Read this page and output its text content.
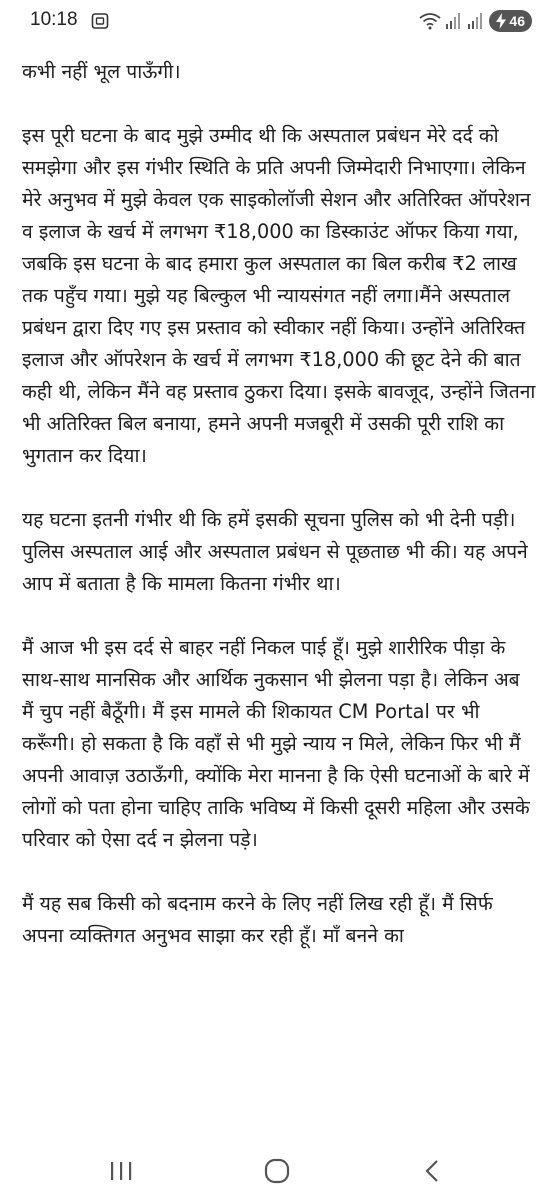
10:18	46

कभी नहीं भूल पाऊँगी।

इस पूरी घटना के बाद मुझे उम्मीद थी कि अस्पताल प्रबंधन मेरे दर्द को समझेगा और इस गंभीर स्थिति के प्रति अपनी जिम्मेदारी निभाएगा। लेकिन मेरे अनुभव में मुझे केवल एक साइकोलॉजी सेशन और अतिरिक्त ऑपरेशन व इलाज के खर्च में लगभग ₹18,000 का डिस्काउंट ऑफर किया गया, जबकि इस घटना के बाद हमारा कुल अस्पताल का बिल करीब ₹2 लाख तक पहुँच गया। मुझे यह बिल्कुल भी न्यायसंगत नहीं लगा।मैंने अस्पताल प्रबंधन द्वारा दिए गए इस प्रस्ताव को स्वीकार नहीं किया। उन्होंने अतिरिक्त इलाज और ऑपरेशन के खर्च में लगभग ₹18,000 की छूट देने की बात कही थी, लेकिन मैंने वह प्रस्ताव ठुकरा दिया। इसके बावजूद, उन्होंने जितना भी अतिरिक्त बिल बनाया, हमने अपनी मजबूरी में उसकी पूरी राशि का भुगतान कर दिया।

यह घटना इतनी गंभीर थी कि हमें इसकी सूचना पुलिस को भी देनी पड़ी। पुलिस अस्पताल आई और अस्पताल प्रबंधन से पूछताछ भी की। यह अपने आप में बताता है कि मामला कितना गंभीर था।

मैं आज भी इस दर्द से बाहर नहीं निकल पाई हूँ। मुझे शारीरिक पीड़ा के साथ-साथ मानसिक और आर्थिक नुकसान भी झेलना पड़ा है। लेकिन अब मैं चुप नहीं बैठूँगी। मैं इस मामले की शिकायत CM Portal पर भी करूँगी। हो सकता है कि वहाँ से भी मुझे न्याय न मिले, लेकिन फिर भी मैं अपनी आवाज़ उठाऊँगी, क्योंकि मेरा मानना है कि ऐसी घटनाओं के बारे में लोगों को पता होना चाहिए ताकि भविष्य में किसी दूसरी महिला और उसके परिवार को ऐसा दर्द न झेलना पड़े।

मैं यह सब किसी को बदनाम करने के लिए नहीं लिख रही हूँ। मैं सिर्फ अपना व्यक्तिगत अनुभव साझा कर रही हूँ। माँ बनने का
